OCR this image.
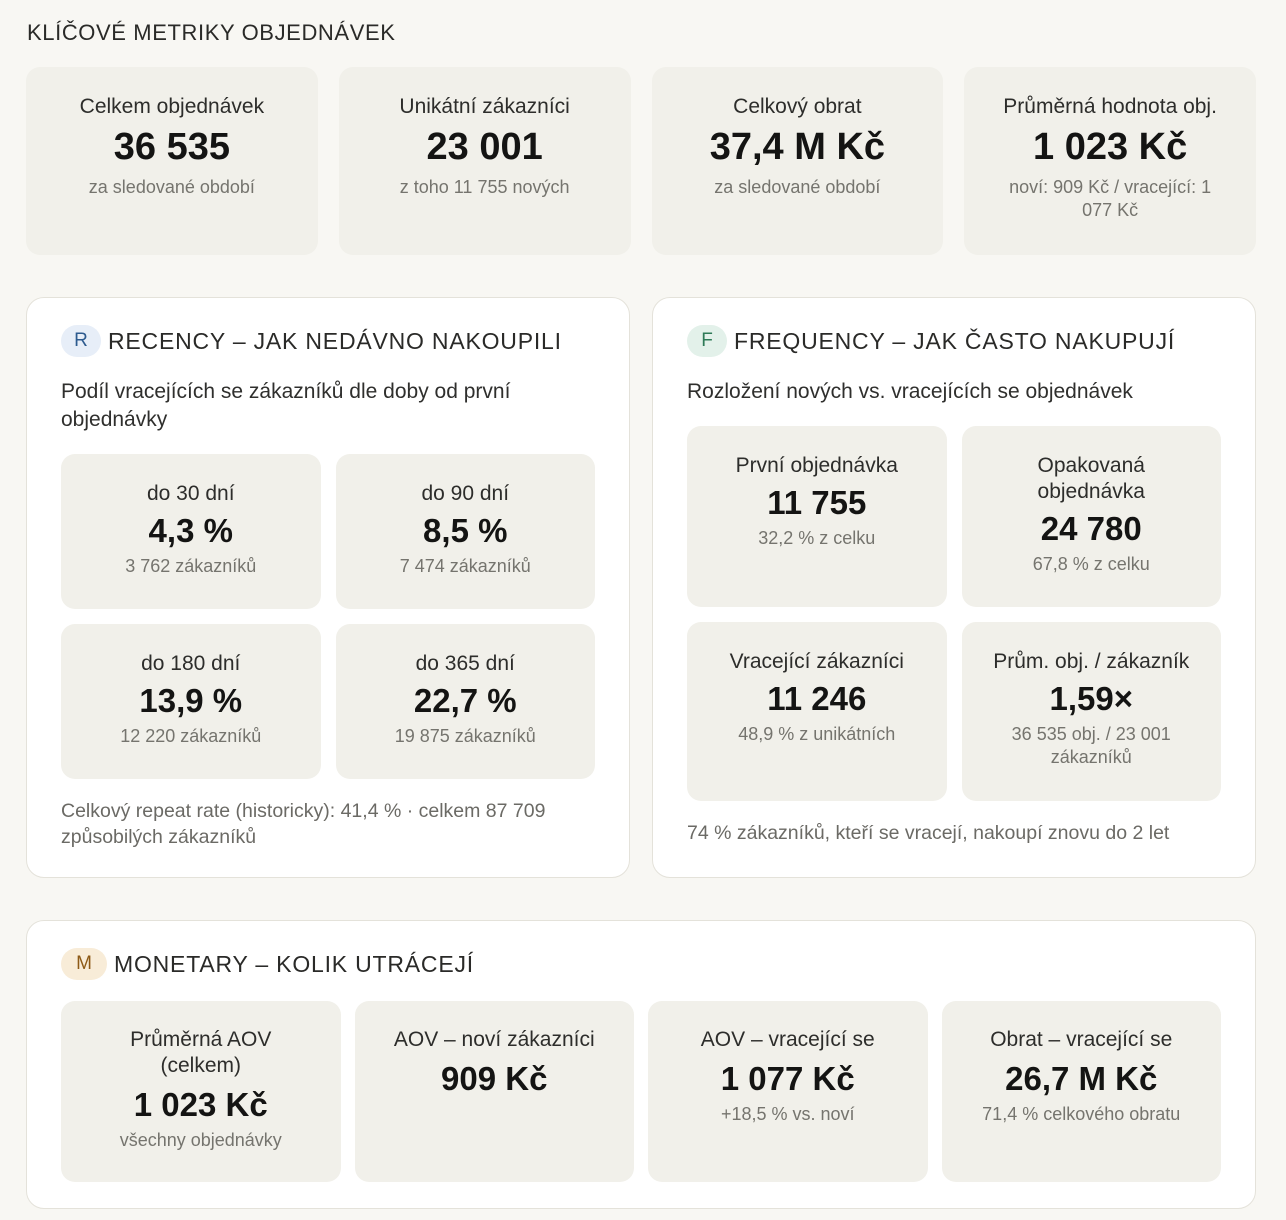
KLÍČOVÉ METRIKY OBJEDNÁVEK
Celkem objednávek
36 535
za sledované období
Unikátní zákazníci
23 001
z toho 11 755 nových
Celkový obrat
37,4 M Kč
za sledované období
Průměrná hodnota obj.
1 023 Kč
noví: 909 Kč / vracející: 1 077 Kč
R RECENCY – JAK NEDÁVNO NAKOUPILI
Podíl vracejících se zákazníků dle doby od první objednávky
do 30 dní
4,3 %
3 762 zákazníků
do 90 dní
8,5 %
7 474 zákazníků
do 180 dní
13,9 %
12 220 zákazníků
do 365 dní
22,7 %
19 875 zákazníků
Celkový repeat rate (historicky): 41,4 % · celkem 87 709 způsobilých zákazníků
F FREQUENCY – JAK ČASTO NAKUPUJÍ
Rozložení nových vs. vracejících se objednávek
První objednávka
11 755
32,2 % z celku
Opakovaná objednávka
24 780
67,8 % z celku
Vracející zákazníci
11 246
48,9 % z unikátních
Prům. obj. / zákazník
1,59×
36 535 obj. / 23 001 zákazníků
74 % zákazníků, kteří se vracejí, nakoupí znovu do 2 let
M MONETARY – KOLIK UTRÁCEJÍ
Průměrná AOV (celkem)
1 023 Kč
všechny objednávky
AOV – noví zákazníci
909 Kč
AOV – vracející se
1 077 Kč
+18,5 % vs. noví
Obrat – vracející se
26,7 M Kč
71,4 % celkového obratu
